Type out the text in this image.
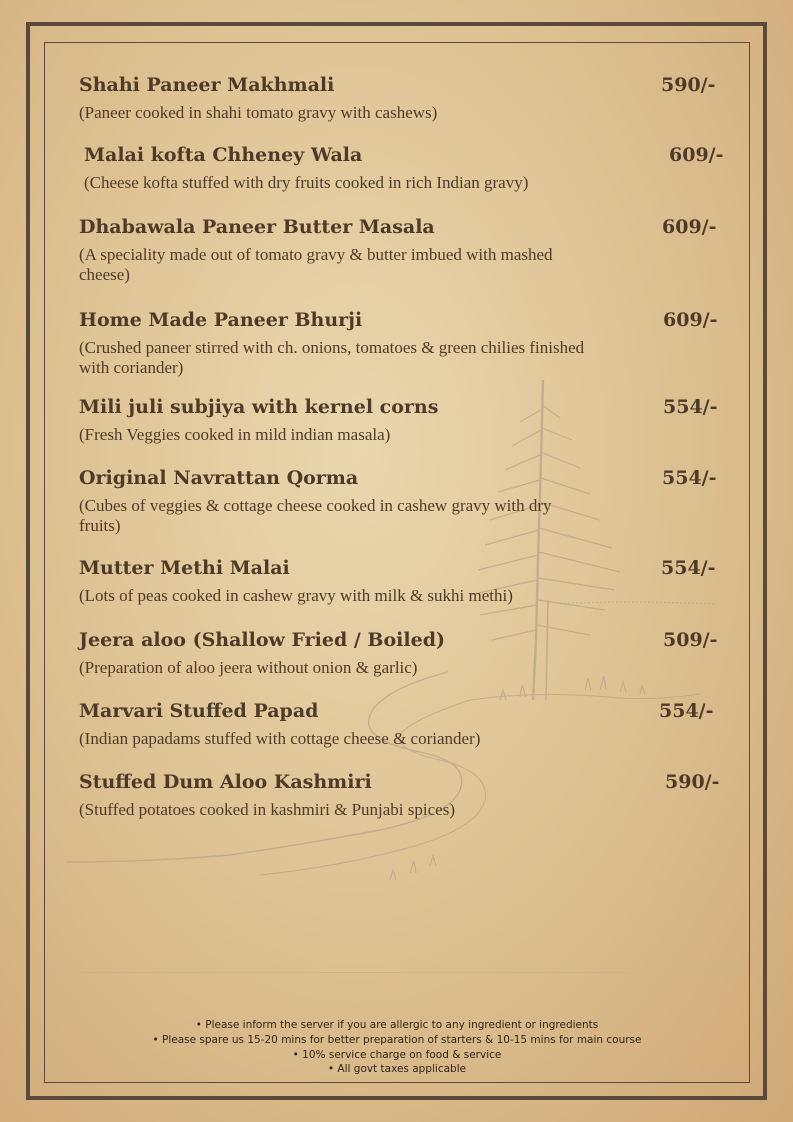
Shahi Paneer Makhmali	590/-
(Paneer cooked in shahi tomato gravy with cashews)
Malai kofta Chheney Wala	609/-
(Cheese kofta stuffed with dry fruits cooked in rich Indian gravy)
Dhabawala Paneer Butter Masala	609/-
(A speciality made out of tomato gravy & butter imbued with mashed cheese)
Home Made Paneer Bhurji	609/-
(Crushed paneer stirred with ch. onions, tomatoes & green chilies finished with coriander)
Mili juli subjiya with kernel corns	554/-
(Fresh Veggies cooked in mild indian masala)
Original Navrattan Qorma	554/-
(Cubes of veggies & cottage cheese cooked in cashew gravy with dry fruits)
Mutter Methi Malai	554/-
(Lots of peas cooked in cashew gravy with milk & sukhi methi)
Jeera aloo (Shallow Fried / Boiled)	509/-
(Preparation of aloo jeera without onion & garlic)
Marvari Stuffed Papad	554/-
(Indian papadams stuffed with cottage cheese & coriander)
Stuffed Dum Aloo Kashmiri	590/-
(Stuffed potatoes cooked in kashmiri & Punjabi spices)
• Please inform the server if you are allergic to any ingredient or ingredients
• Please spare us 15-20 mins for better preparation of starters & 10-15 mins for main course
• 10% service charge on food & service
• All govt taxes applicable
